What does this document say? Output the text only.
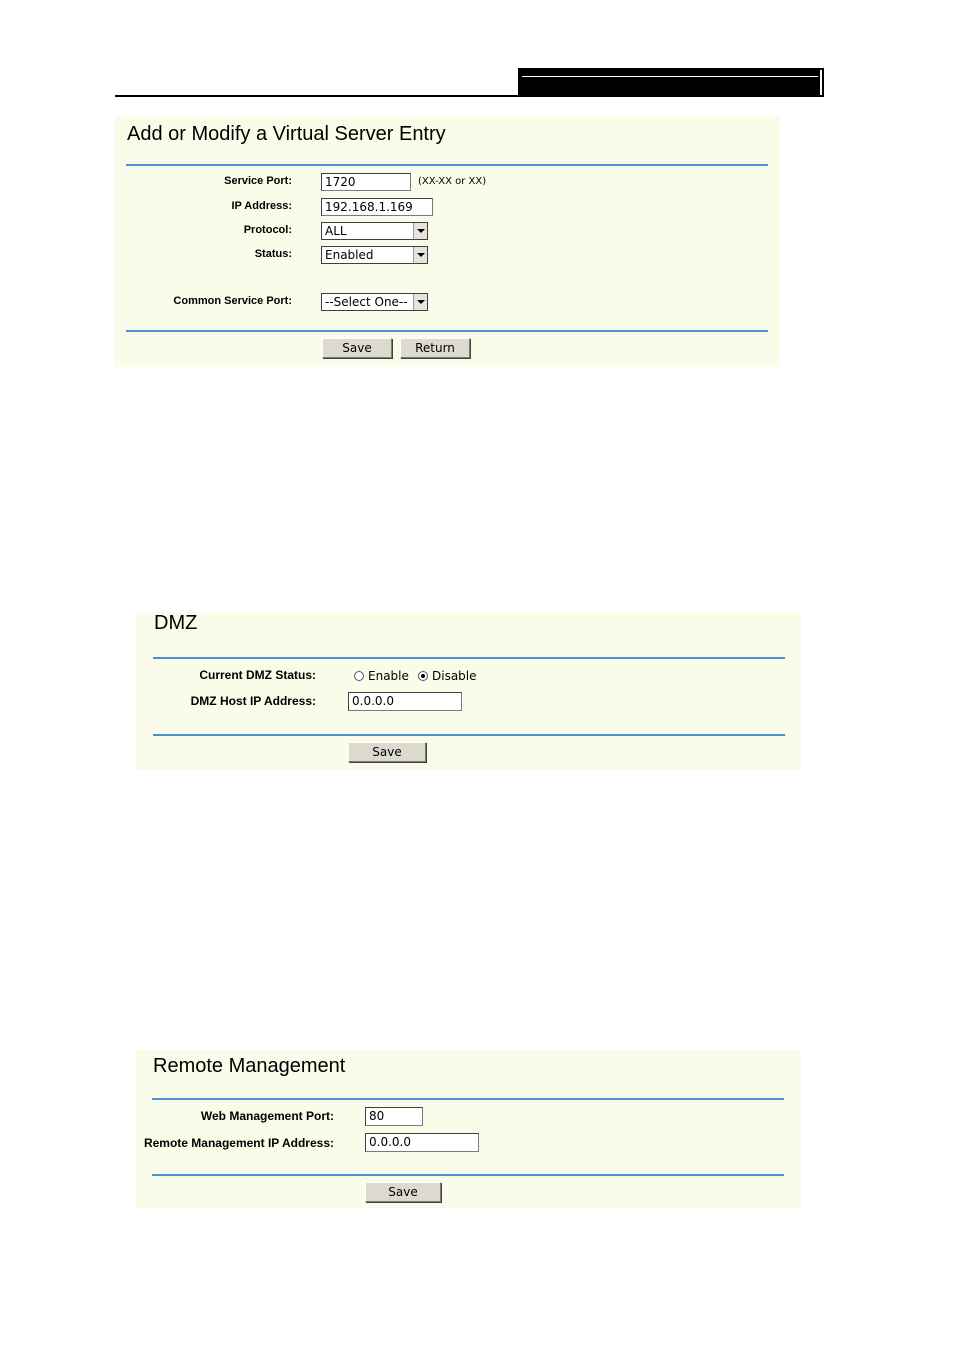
Add or Modify a Virtual Server Entry
Service Port:	1720	(XX-XX or XX)
IP Address:	192.168.1.169
Protocol:	ALL
Status:	Enabled
Common Service Port:	--Select One--
Save	Return
DMZ
Current DMZ Status:	Enable Disable
DMZ Host IP Address:	0.0.0.0
Save
Remote Management
Web Management Port:	80
Remote Management IP Address:	0.0.0.0
Save
